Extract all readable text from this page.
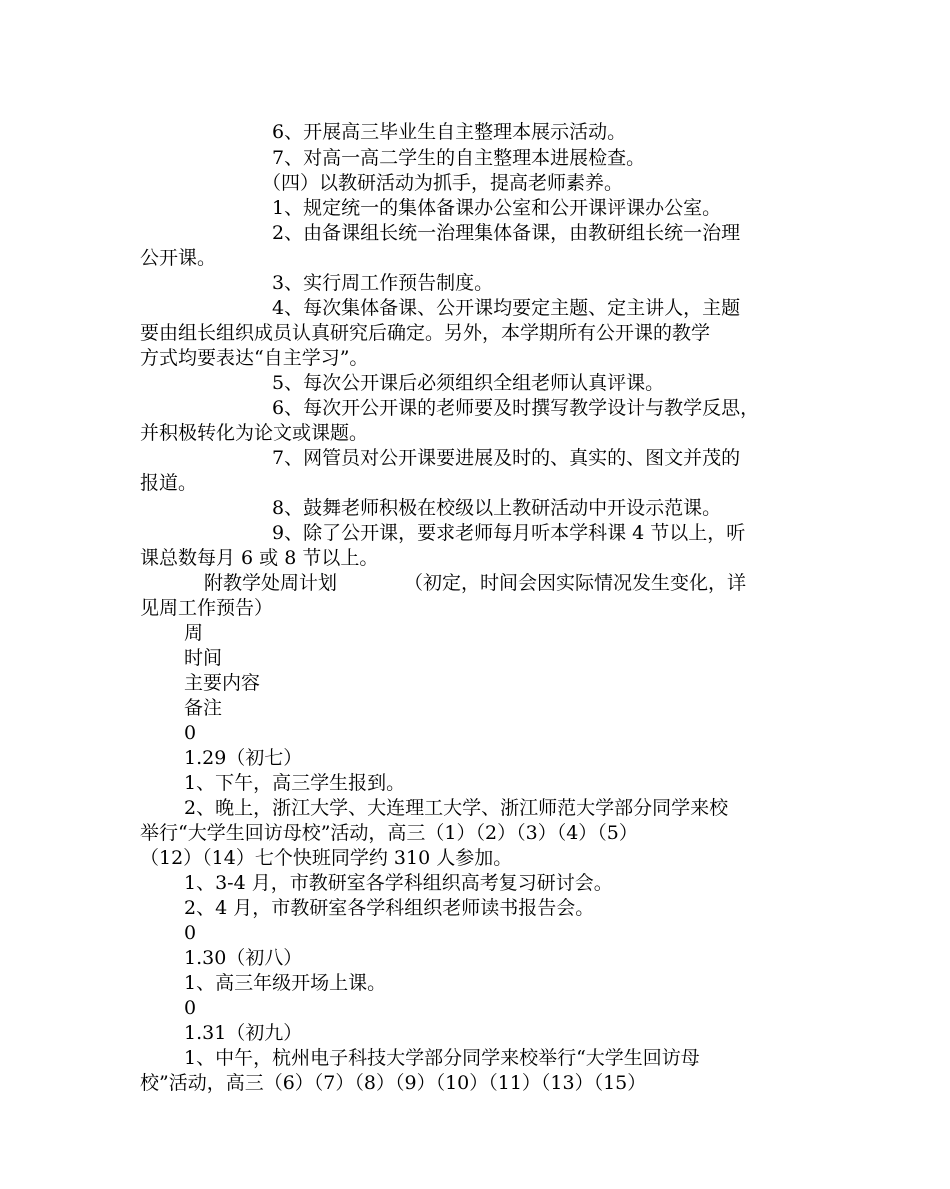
6、开展高三毕业生自主整理本展示活动。
7、对高一高二学生的自主整理本进展检查。
（四）以教研活动为抓手，提高老师素养。
1、规定统一的集体备课办公室和公开课评课办公室。
2、由备课组长统一治理集体备课，由教研组长统一治理
公开课。
3、实行周工作预告制度。
4、每次集体备课、公开课均要定主题、定主讲人，主题
要由组长组织成员认真研究后确定。另外，本学期所有公开课的教学
方式均要表达“自主学习”。
5、每次公开课后必须组织全组老师认真评课。
6、每次开公开课的老师要及时撰写教学设计与教学反思，
并积极转化为论文或课题。
7、网管员对公开课要进展及时的、真实的、图文并茂的
报道。
8、鼓舞老师积极在校级以上教研活动中开设示范课。
9、除了公开课，要求老师每月听本学科课 4 节以上，听
课总数每月 6 或 8 节以上。
附教学处周计划	（初定，时间会因实际情况发生变化，详
见周工作预告）
周
时间
主要内容
备注
0
1.29（初七）
1、下午，高三学生报到。
2、晚上，浙江大学、大连理工大学、浙江师范大学部分同学来校
举行“大学生回访母校”活动，高三（1）（2）（3）（4）（5）
（12）（14）七个快班同学约 310 人参加。
1、3-4 月，市教研室各学科组织高考复习研讨会。
2、4 月，市教研室各学科组织老师读书报告会。
0
1.30（初八）
1、高三年级开场上课。
0
1.31（初九）
1、中午，杭州电子科技大学部分同学来校举行“大学生回访母
校”活动，高三（6）（7）（8）（9）（10）（11）（13）（15）
